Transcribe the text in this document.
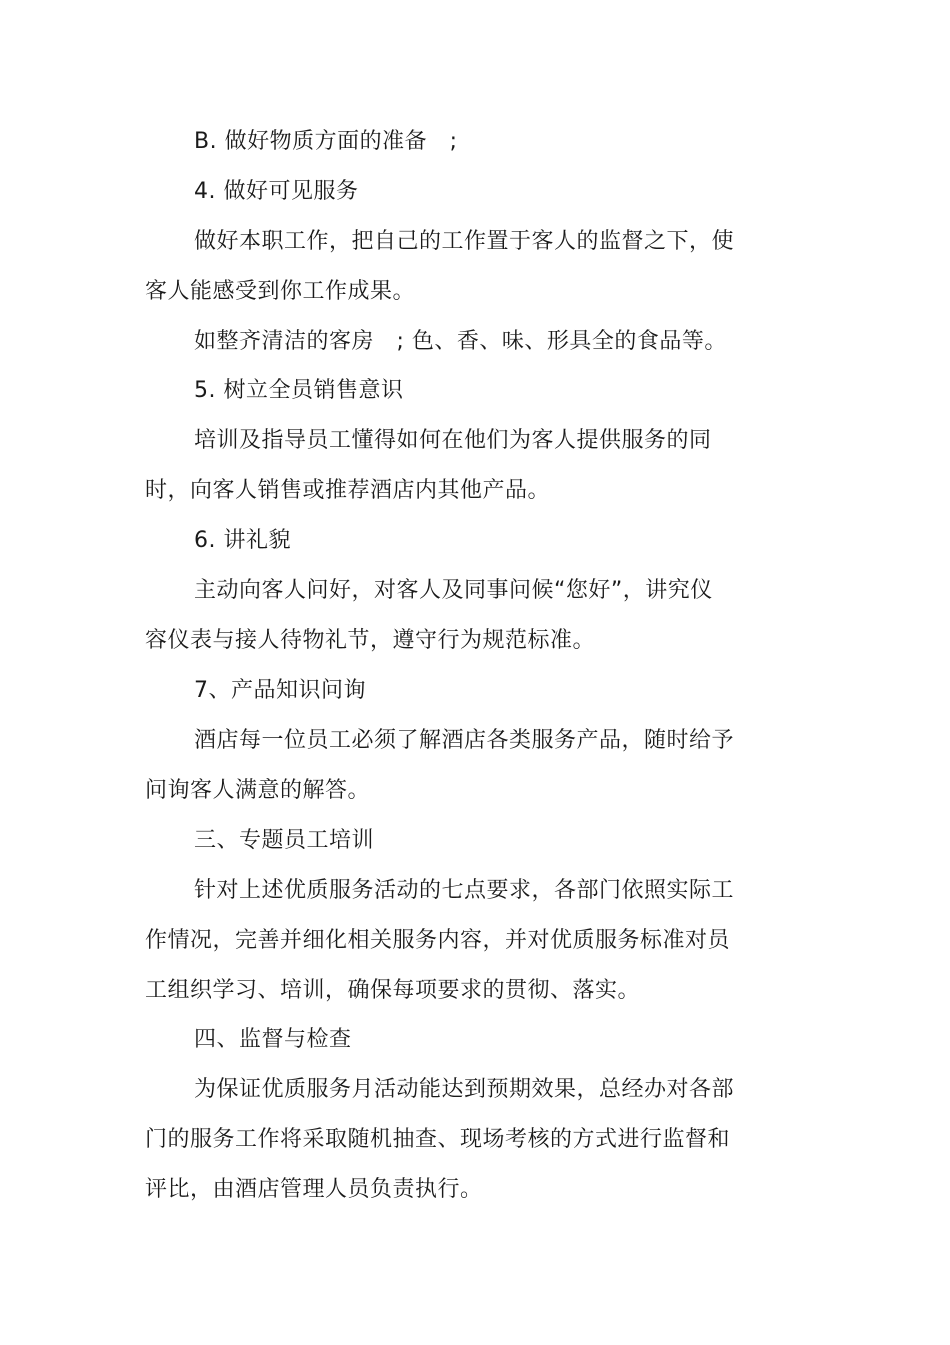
B. 做好物质方面的准备　;
4. 做好可见服务
做好本职工作，把自己的工作置于客人的监督之下，使
客人能感受到你工作成果。
如整齐清洁的客房　; 色、香、味、形具全的食品等。
5. 树立全员销售意识
培训及指导员工懂得如何在他们为客人提供服务的同
时，向客人销售或推荐酒店内其他产品。
6. 讲礼貌
主动向客人问好，对客人及同事问候“您好”，讲究仪
容仪表与接人待物礼节，遵守行为规范标准。
7、产品知识问询
酒店每一位员工必须了解酒店各类服务产品，随时给予
问询客人满意的解答。
三、专题员工培训
针对上述优质服务活动的七点要求，各部门依照实际工
作情况，完善并细化相关服务内容，并对优质服务标准对员
工组织学习、培训，确保每项要求的贯彻、落实。
四、监督与检查
为保证优质服务月活动能达到预期效果，总经办对各部
门的服务工作将采取随机抽查、现场考核的方式进行监督和
评比，由酒店管理人员负责执行。
